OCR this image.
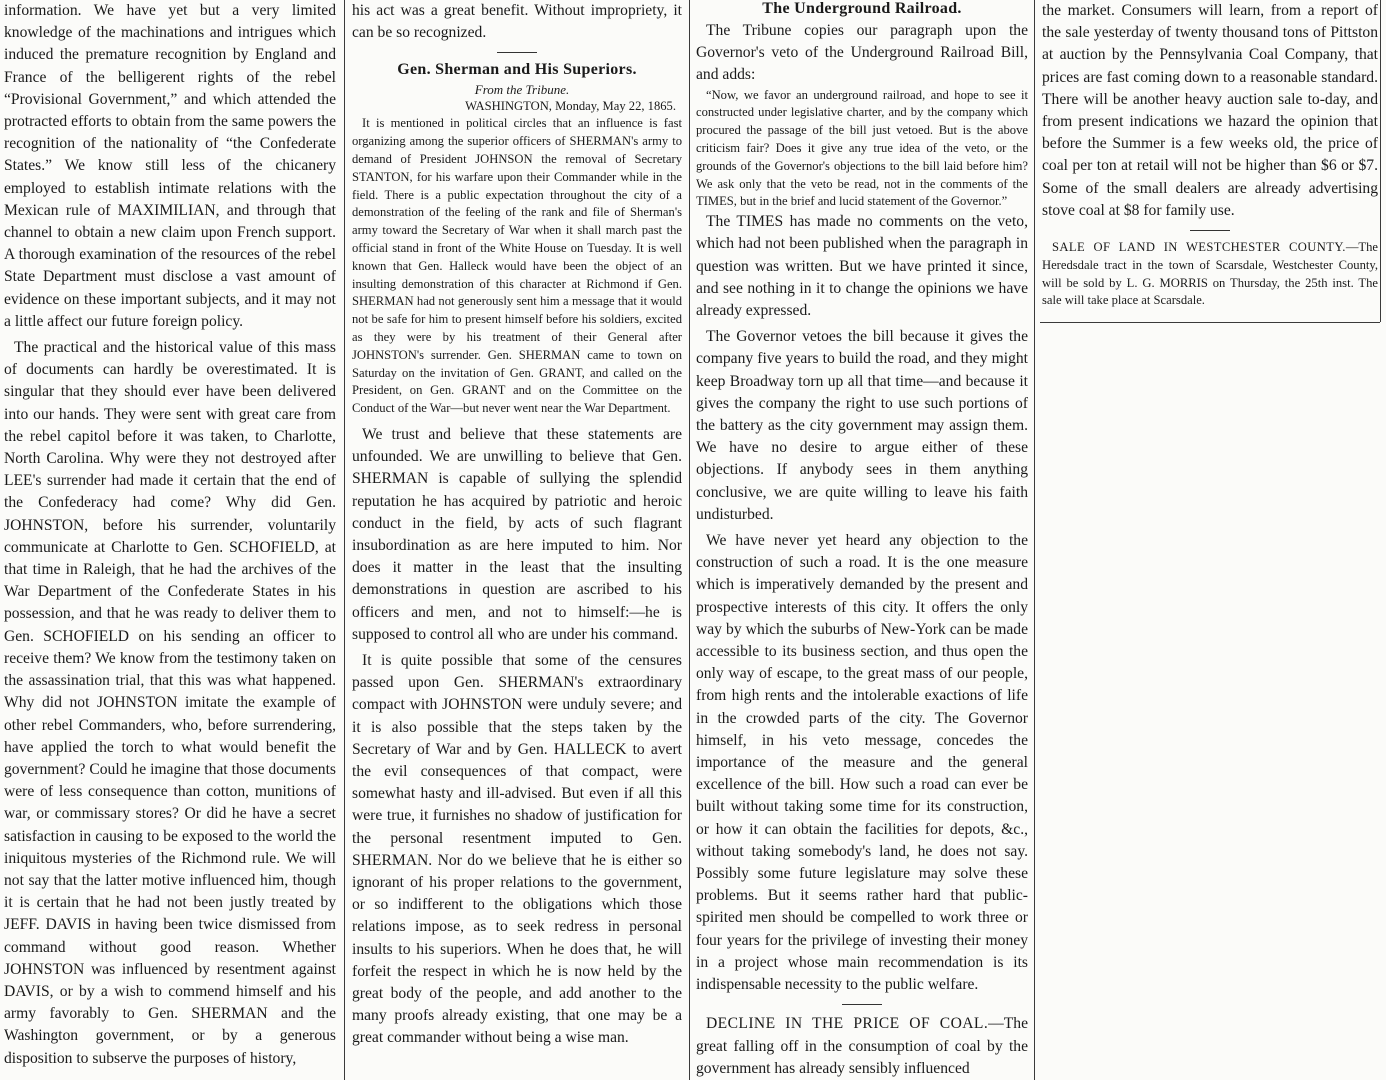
information. We have yet but a very limited knowledge of the machinations and intrigues which induced the premature recognition by England and France of the belligerent rights of the rebel “Provisional Government,” and which attended the protracted efforts to obtain from the same powers the recognition of the nationality of “the Confederate States.” We know still less of the chicanery employed to establish intimate relations with the Mexican rule of MAXIMILIAN, and through that channel to obtain a new claim upon French support. A thorough examination of the resources of the rebel State Department must disclose a vast amount of evidence on these important subjects, and it may not a little affect our future foreign policy.

The practical and the historical value of this mass of documents can hardly be overestimated. It is singular that they should ever have been delivered into our hands. They were sent with great care from the rebel capitol before it was taken, to Charlotte, North Carolina. Why were they not destroyed after LEE's surrender had made it certain that the end of the Confederacy had come? Why did Gen. JOHNSTON, before his surrender, voluntarily communicate at Charlotte to Gen. SCHOFIELD, at that time in Raleigh, that he had the archives of the War Department of the Confederate States in his possession, and that he was ready to deliver them to Gen. SCHOFIELD on his sending an officer to receive them? We know from the testimony taken on the assassination trial, that this was what happened. Why did not JOHNSTON imitate the example of other rebel Commanders, who, before surrendering, have applied the torch to what would benefit the government? Could he imagine that those documents were of less consequence than cotton, munitions of war, or commissary stores? Or did he have a secret satisfaction in causing to be exposed to the world the iniquitous mysteries of the Richmond rule. We will not say that the latter motive influenced him, though it is certain that he had not been justly treated by JEFF. DAVIS in having been twice dismissed from command without good reason. Whether JOHNSTON was influenced by resentment against DAVIS, or by a wish to commend himself and his army favorably to Gen. SHERMAN and the Washington government, or by a generous disposition to subserve the purposes of history,

his act was a great benefit. Without impropriety, it can be so recognized.

Gen. Sherman and His Superiors.

From the Tribune.

WASHINGTON, Monday, May 22, 1865.

It is mentioned in political circles that an influence is fast organizing among the superior officers of SHERMAN's army to demand of President JOHNSON the removal of Secretary STANTON, for his warfare upon their Commander while in the field. There is a public expectation throughout the city of a demonstration of the feeling of the rank and file of Sherman's army toward the Secretary of War when it shall march past the official stand in front of the White House on Tuesday. It is well known that Gen. Halleck would have been the object of an insulting demonstration of this character at Richmond if Gen. SHERMAN had not generously sent him a message that it would not be safe for him to present himself before his soldiers, excited as they were by his treatment of their General after JOHNSTON's surrender. Gen. SHERMAN came to town on Saturday on the invitation of Gen. GRANT, and called on the President, on Gen. GRANT and on the Committee on the Conduct of the War—but never went near the War Department.

We trust and believe that these statements are unfounded. We are unwilling to believe that Gen. SHERMAN is capable of sullying the splendid reputation he has acquired by patriotic and heroic conduct in the field, by acts of such flagrant insubordination as are here imputed to him. Nor does it matter in the least that the insulting demonstrations in question are ascribed to his officers and men, and not to himself:—he is supposed to control all who are under his command.

It is quite possible that some of the censures passed upon Gen. SHERMAN's extraordinary compact with JOHNSTON were unduly severe; and it is also possible that the steps taken by the Secretary of War and by Gen. HALLECK to avert the evil consequences of that compact, were somewhat hasty and ill-advised. But even if all this were true, it furnishes no shadow of justification for the personal resentment imputed to Gen. SHERMAN. Nor do we believe that he is either so ignorant of his proper relations to the government, or so indifferent to the obligations which those relations impose, as to seek redress in personal insults to his superiors. When he does that, he will forfeit the respect in which he is now held by the great body of the people, and add another to the many proofs already existing, that one may be a great commander without being a wise man.

The Underground Railroad.

The Tribune copies our paragraph upon the Governor's veto of the Underground Railroad Bill, and adds:

“Now, we favor an underground railroad, and hope to see it constructed under legislative charter, and by the company which procured the passage of the bill just vetoed. But is the above criticism fair? Does it give any true idea of the veto, or the grounds of the Governor's objections to the bill laid before him? We ask only that the veto be read, not in the comments of the TIMES, but in the brief and lucid statement of the Governor.”

The TIMES has made no comments on the veto, which had not been published when the paragraph in question was written. But we have printed it since, and see nothing in it to change the opinions we have already expressed.

The Governor vetoes the bill because it gives the company five years to build the road, and they might keep Broadway torn up all that time—and because it gives the company the right to use such portions of the battery as the city government may assign them. We have no desire to argue either of these objections. If anybody sees in them anything conclusive, we are quite willing to leave his faith undisturbed.

We have never yet heard any objection to the construction of such a road. It is the one measure which is imperatively demanded by the present and prospective interests of this city. It offers the only way by which the suburbs of New-York can be made accessible to its business section, and thus open the only way of escape, to the great mass of our people, from high rents and the intolerable exactions of life in the crowded parts of the city. The Governor himself, in his veto message, concedes the importance of the measure and the general excellence of the bill. How such a road can ever be built without taking some time for its construction, or how it can obtain the facilities for depots, &c., without taking somebody's land, he does not say. Possibly some future legislature may solve these problems. But it seems rather hard that public-spirited men should be compelled to work three or four years for the privilege of investing their money in a project whose main recommendation is its indispensable necessity to the public welfare.

DECLINE IN THE PRICE OF COAL.—The great falling off in the consumption of coal by the government has already sensibly influenced

the market. Consumers will learn, from a report of the sale yesterday of twenty thousand tons of Pittston at auction by the Pennsylvania Coal Company, that prices are fast coming down to a reasonable standard. There will be another heavy auction sale to-day, and from present indications we hazard the opinion that before the Summer is a few weeks old, the price of coal per ton at retail will not be higher than $6 or $7. Some of the small dealers are already advertising stove coal at $8 for family use.

SALE OF LAND IN WESTCHESTER COUNTY.—The Heredsdale tract in the town of Scarsdale, Westchester County, will be sold by L. G. MORRIS on Thursday, the 25th inst. The sale will take place at Scarsdale.
